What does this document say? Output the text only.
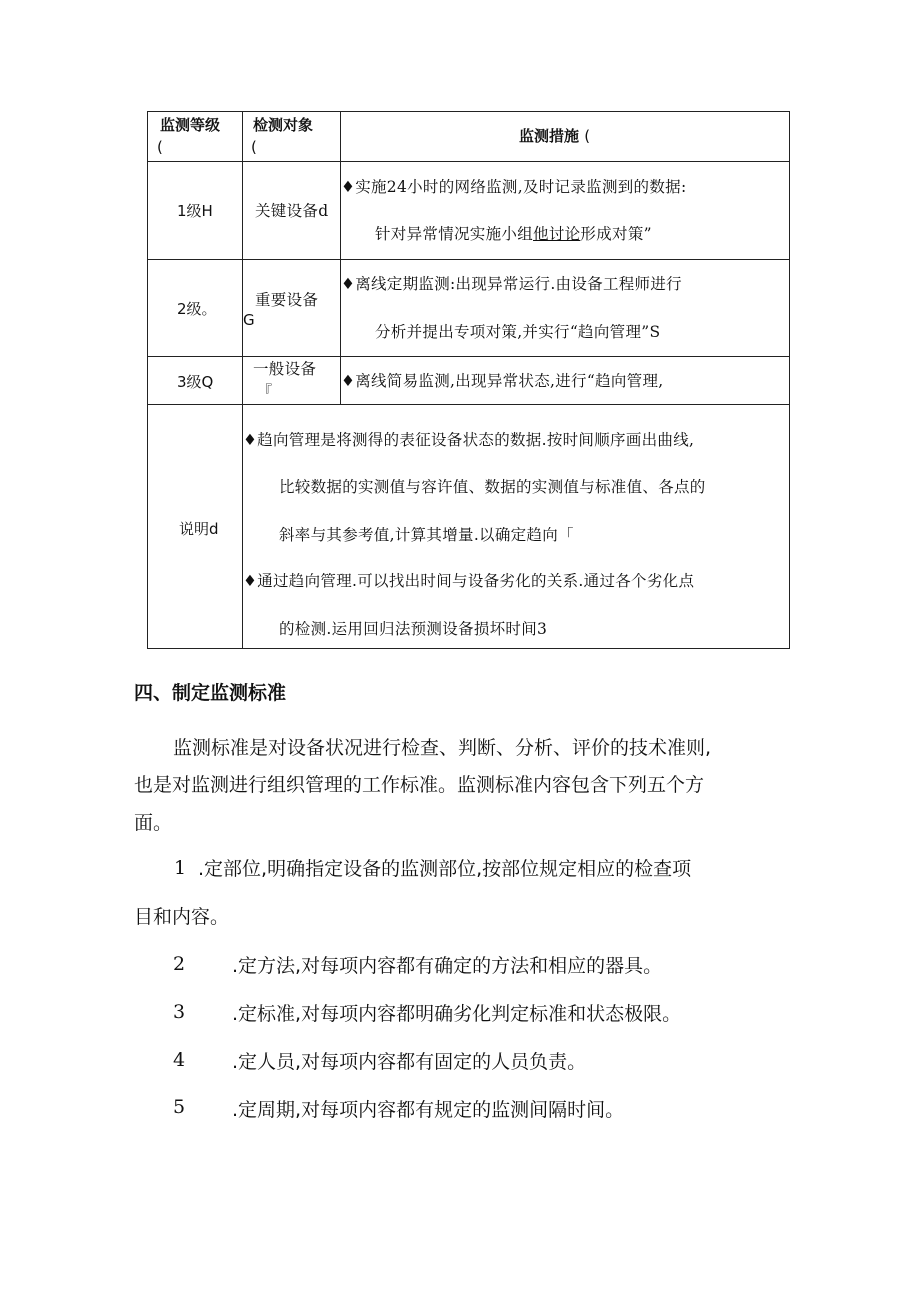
监测等级
(
检测对象
(
监测措施 (
1级H	关键设备d
♦实施24小时的网络监测,及时记录监测到的数据:
针对异常情况实施小组他讨论形成对策”
2级。 重要设备
G
♦离线定期监测:出现异常运行.由设备工程师进行
分析并提出专项对策,并实行“趋向管理”S
3级Q
一般设备
『
♦离线简易监测,出现异常状态,进行“趋向管理,
说明d
♦趋向管理是将测得的表征设备状态的数据.按时间顺序画出曲线,
比较数据的实测值与容许值、数据的实测值与标准值、各点的
斜率与其参考值,计算其增量.以确定趋向「
♦通过趋向管理.可以找出时间与设备劣化的关系.通过各个劣化点
的检测.运用回归法预测设备损坏时间3
四、制定监测标准
监测标准是对设备状况进行检查、判断、分析、评价的技术准则,
也是对监测进行组织管理的工作标准。监测标准内容包含下列五个方
面。
1 .定部位,明确指定设备的监测部位,按部位规定相应的检查项
目和内容。
2 .定方法,对每项内容都有确定的方法和相应的器具。
3 .定标准,对每项内容都明确劣化判定标准和状态极限。
4 .定人员,对每项内容都有固定的人员负责。
5 .定周期,对每项内容都有规定的监测间隔时间。
